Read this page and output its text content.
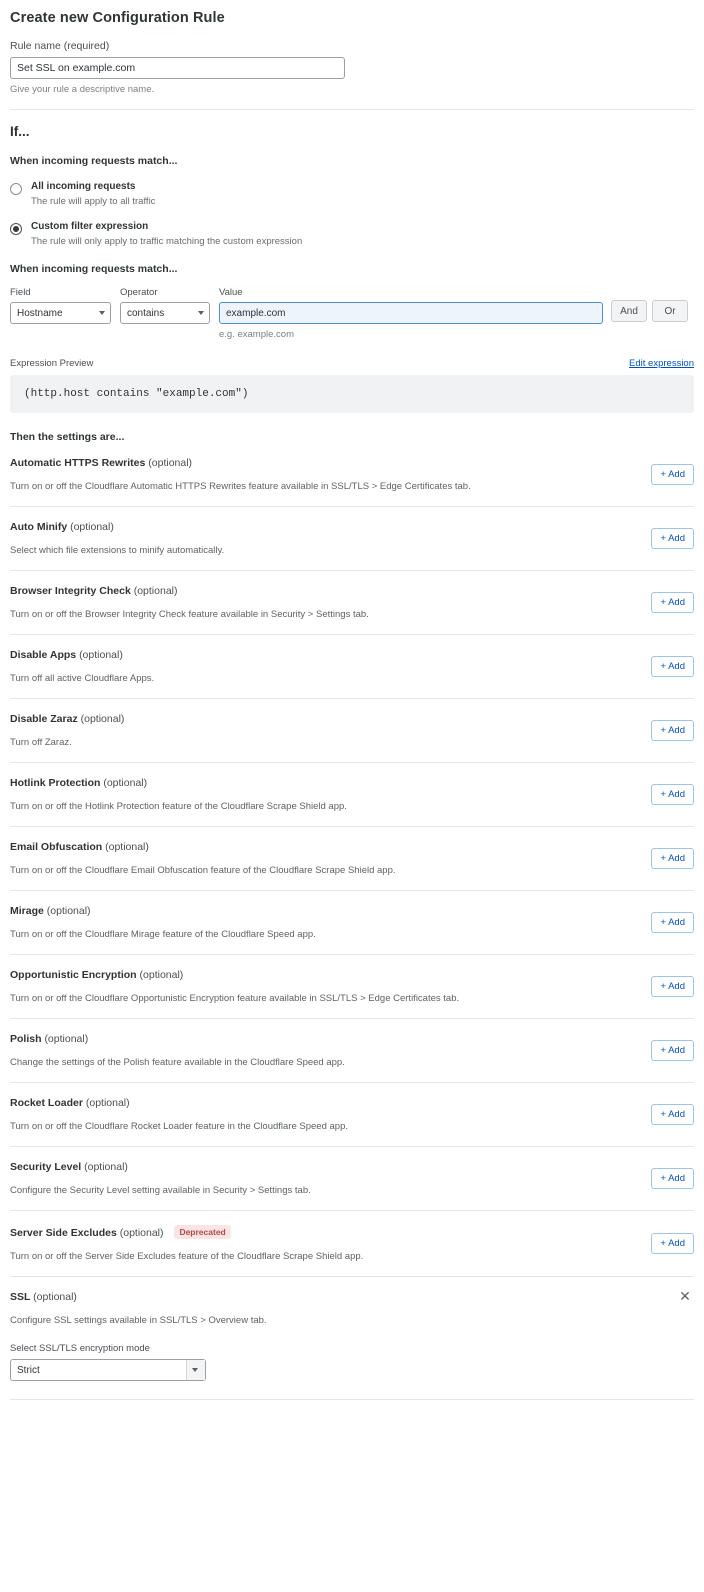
Create new Configuration Rule
Rule name (required)
Set SSL on example.com
Give your rule a descriptive name.
If...
When incoming requests match...
All incoming requests
The rule will apply to all traffic
Custom filter expression
The rule will only apply to traffic matching the custom expression
When incoming requests match...
Field
Hostname
Operator
contains
Value
example.com
e.g. example.com
And	Or
Expression Preview	Edit expression
(http.host contains "example.com")
Then the settings are...
Automatic HTTPS Rewrites (optional)
Turn on or off the Cloudflare Automatic HTTPS Rewrites feature available in SSL/TLS > Edge Certificates tab.
+ Add
Auto Minify (optional)
Select which file extensions to minify automatically.
+ Add
Browser Integrity Check (optional)
Turn on or off the Browser Integrity Check feature available in Security > Settings tab.
+ Add
Disable Apps (optional)
Turn off all active Cloudflare Apps.
+ Add
Disable Zaraz (optional)
Turn off Zaraz.
+ Add
Hotlink Protection (optional)
Turn on or off the Hotlink Protection feature of the Cloudflare Scrape Shield app.
+ Add
Email Obfuscation (optional)
Turn on or off the Cloudflare Email Obfuscation feature of the Cloudflare Scrape Shield app.
+ Add
Mirage (optional)
Turn on or off the Cloudflare Mirage feature of the Cloudflare Speed app.
+ Add
Opportunistic Encryption (optional)
Turn on or off the Cloudflare Opportunistic Encryption feature available in SSL/TLS > Edge Certificates tab.
+ Add
Polish (optional)
Change the settings of the Polish feature available in the Cloudflare Speed app.
+ Add
Rocket Loader (optional)
Turn on or off the Cloudflare Rocket Loader feature in the Cloudflare Speed app.
+ Add
Security Level (optional)
Configure the Security Level setting available in Security > Settings tab.
+ Add
Server Side Excludes (optional) Deprecated
Turn on or off the Server Side Excludes feature of the Cloudflare Scrape Shield app.
+ Add
SSL (optional)
Configure SSL settings available in SSL/TLS > Overview tab.
✕
Select SSL/TLS encryption mode
Strict
